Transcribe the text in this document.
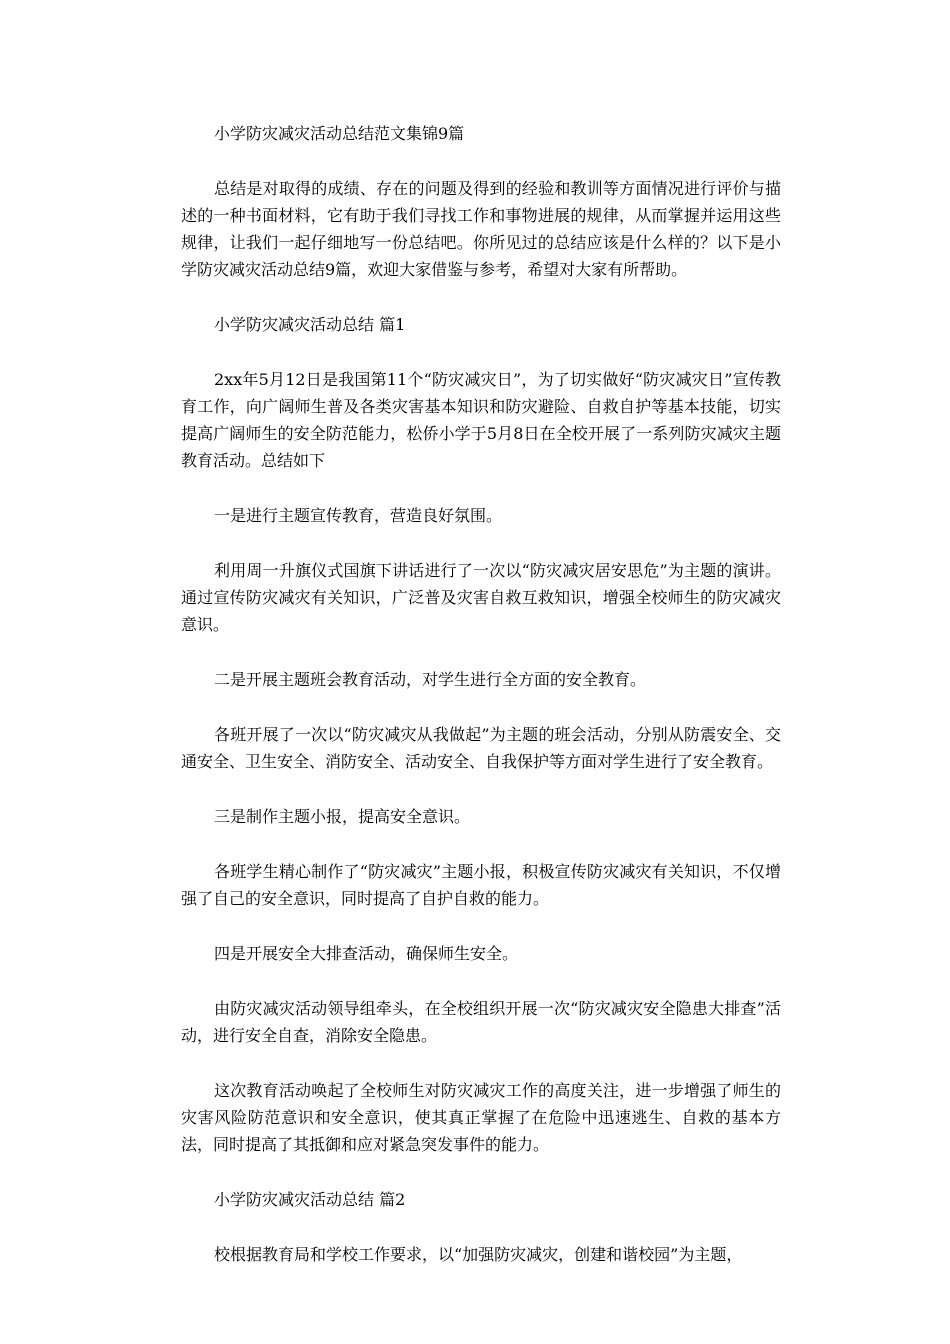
小学防灾减灾活动总结范文集锦9篇

总结是对取得的成绩、存在的问题及得到的经验和教训等方面情况进行评价与描述的一种书面材料，它有助于我们寻找工作和事物进展的规律，从而掌握并运用这些规律，让我们一起仔细地写一份总结吧。你所见过的总结应该是什么样的？以下是小学防灾减灾活动总结9篇，欢迎大家借鉴与参考，希望对大家有所帮助。

小学防灾减灾活动总结 篇1

2xx年5月12日是我国第11个“防灾减灾日”，为了切实做好“防灾减灾日”宣传教育工作，向广阔师生普及各类灾害基本知识和防灾避险、自救自护等基本技能，切实提高广阔师生的安全防范能力，松侨小学于5月8日在全校开展了一系列防灾减灾主题教育活动。总结如下

一是进行主题宣传教育，营造良好氛围。

利用周一升旗仪式国旗下讲话进行了一次以“防灾减灾居安思危”为主题的演讲。通过宣传防灾减灾有关知识，广泛普及灾害自救互救知识，增强全校师生的防灾减灾意识。

二是开展主题班会教育活动，对学生进行全方面的安全教育。

各班开展了一次以“防灾减灾从我做起”为主题的班会活动，分别从防震安全、交通安全、卫生安全、消防安全、活动安全、自我保护等方面对学生进行了安全教育。

三是制作主题小报，提高安全意识。

各班学生精心制作了“防灾减灾”主题小报，积极宣传防灾减灾有关知识，不仅增强了自己的安全意识，同时提高了自护自救的能力。

四是开展安全大排查活动，确保师生安全。

由防灾减灾活动领导组牵头，在全校组织开展一次“防灾减灾安全隐患大排查”活动，进行安全自查，消除安全隐患。

这次教育活动唤起了全校师生对防灾减灾工作的高度关注，进一步增强了师生的灾害风险防范意识和安全意识，使其真正掌握了在危险中迅速逃生、自救的基本方法，同时提高了其抵御和应对紧急突发事件的能力。

小学防灾减灾活动总结 篇2

校根据教育局和学校工作要求，以“加强防灾减灾，创建和谐校园”为主题，
